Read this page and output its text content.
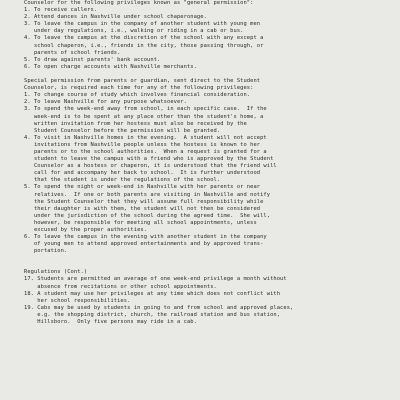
Counselor for the following privileges known as "general permission":
1. To receive callers.
2. Attend dances in Nashville under school chaperonage.
3. To leave the campus in the company of another student with young men
under day regulations, i.e., walking or riding in a cab or bus.
4. To leave the campus at the discretion of the school with any except a
school chaperon, i.e., friends in the city, those passing through, or
parents of school friends.
5. To draw against parents' bank account.
6. To open charge accounts with Nashville merchants.
Special permission from parents or guardian, sent direct to the Student
Counselor, is required each time for any of the following privileges:
1. To change course of study which involves financial consideration.
2. To leave Nashville for any purpose whatsoever.
3. To spend the week-end away from school, in each specific case.  If the
week-end is to be spent at any place other than the student's home, a
written invitation from her hostess must also be received by the
Student Counselor before the permission will be granted.
4. To visit in Nashville homes in the evening.  A student will not accept
invitations from Nashville people unless the hostess is known to her
parents or to the school authorities.  When a request is granted for a
student to leave the campus with a friend who is approved by the Student
Counselor as a hostess or chaperon, it is understood that the friend will
call for and accompany her back to school.  It is further understood
that the student is under the regulations of the school.
5. To spend the night or week-end in Nashville with her parents or near
relatives.  If one or both parents are visiting in Nashville and notify
the Student Counselor that they will assume full responsibility while
their daughter is with them, the student will not then be considered
under the jurisdiction of the school during the agreed time.  She will,
however, be responsible for meeting all school appointments, unless
excused by the proper authorities.
6. To leave the campus in the evening with another student in the company
of young men to attend approved entertainments and by approved trans-
portation.
Regulations (Cont.)
17. Students are permitted an average of one week-end privilege a month without
absence from recitations or other school appointments.
18. A student may use her privileges at any time which does not conflict with
her school responsibilities.
19. Cabs may be used by students in going to and from school and approved places,
e.g. the shopping district, church, the railroad station and bus station,
Hillsboro.  Only five persons may ride in a cab.
